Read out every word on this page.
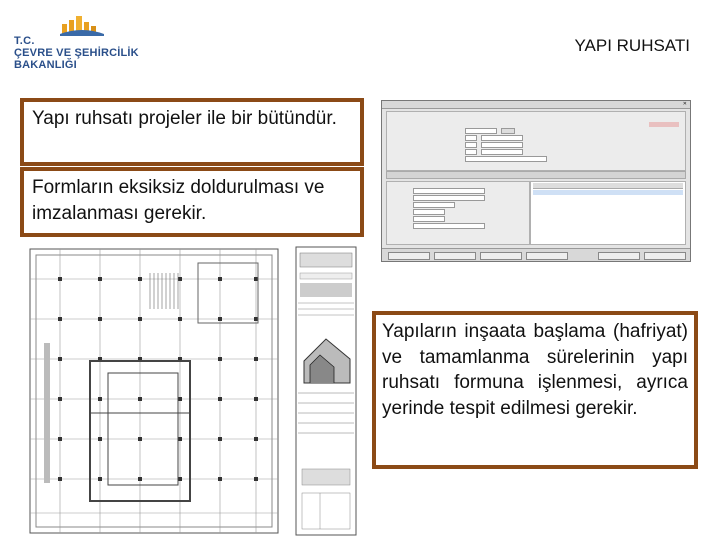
T.C.
ÇEVRE VE ŞEHİRCİLİK
BAKANLIĞI
YAPI RUHSATI
Yapı ruhsatı projeler ile bir bütündür.
Formların eksiksiz doldurulması ve imzalanması gerekir.
✕
Yapıların inşaata başlama (hafriyat) ve tamamlanma sürelerinin yapı ruhsatı formuna işlenmesi, ayrıca yerinde tespit edilmesi gerekir.
